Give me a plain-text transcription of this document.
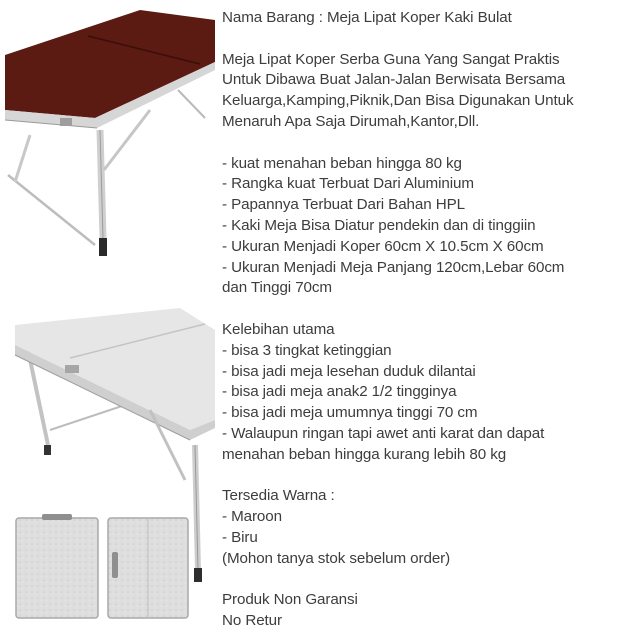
Nama Barang : Meja Lipat Koper Kaki Bulat

Meja Lipat Koper Serba Guna Yang Sangat Praktis

Untuk Dibawa Buat Jalan-Jalan Berwisata Bersama

Keluarga,Kamping,Piknik,Dan Bisa Digunakan Untuk

Menaruh Apa Saja Dirumah,Kantor,Dll.

- kuat menahan beban hingga 80 kg

- Rangka kuat Terbuat Dari Aluminium

- Papannya Terbuat Dari Bahan HPL

- Kaki Meja Bisa Diatur pendekin dan di tinggiin

- Ukuran Menjadi Koper 60cm X 10.5cm X 60cm

- Ukuran Menjadi Meja Panjang 120cm,Lebar 60cm

dan Tinggi 70cm

Kelebihan utama

- bisa 3 tingkat ketinggian

- bisa jadi meja lesehan duduk dilantai

- bisa jadi meja anak2 1/2 tingginya

- bisa jadi meja umumnya tinggi 70 cm

- Walaupun ringan tapi awet anti karat dan dapat

menahan beban hingga kurang lebih 80 kg

Tersedia Warna :

- Maroon

- Biru

(Mohon tanya stok sebelum order)

Produk Non Garansi

No Retur
